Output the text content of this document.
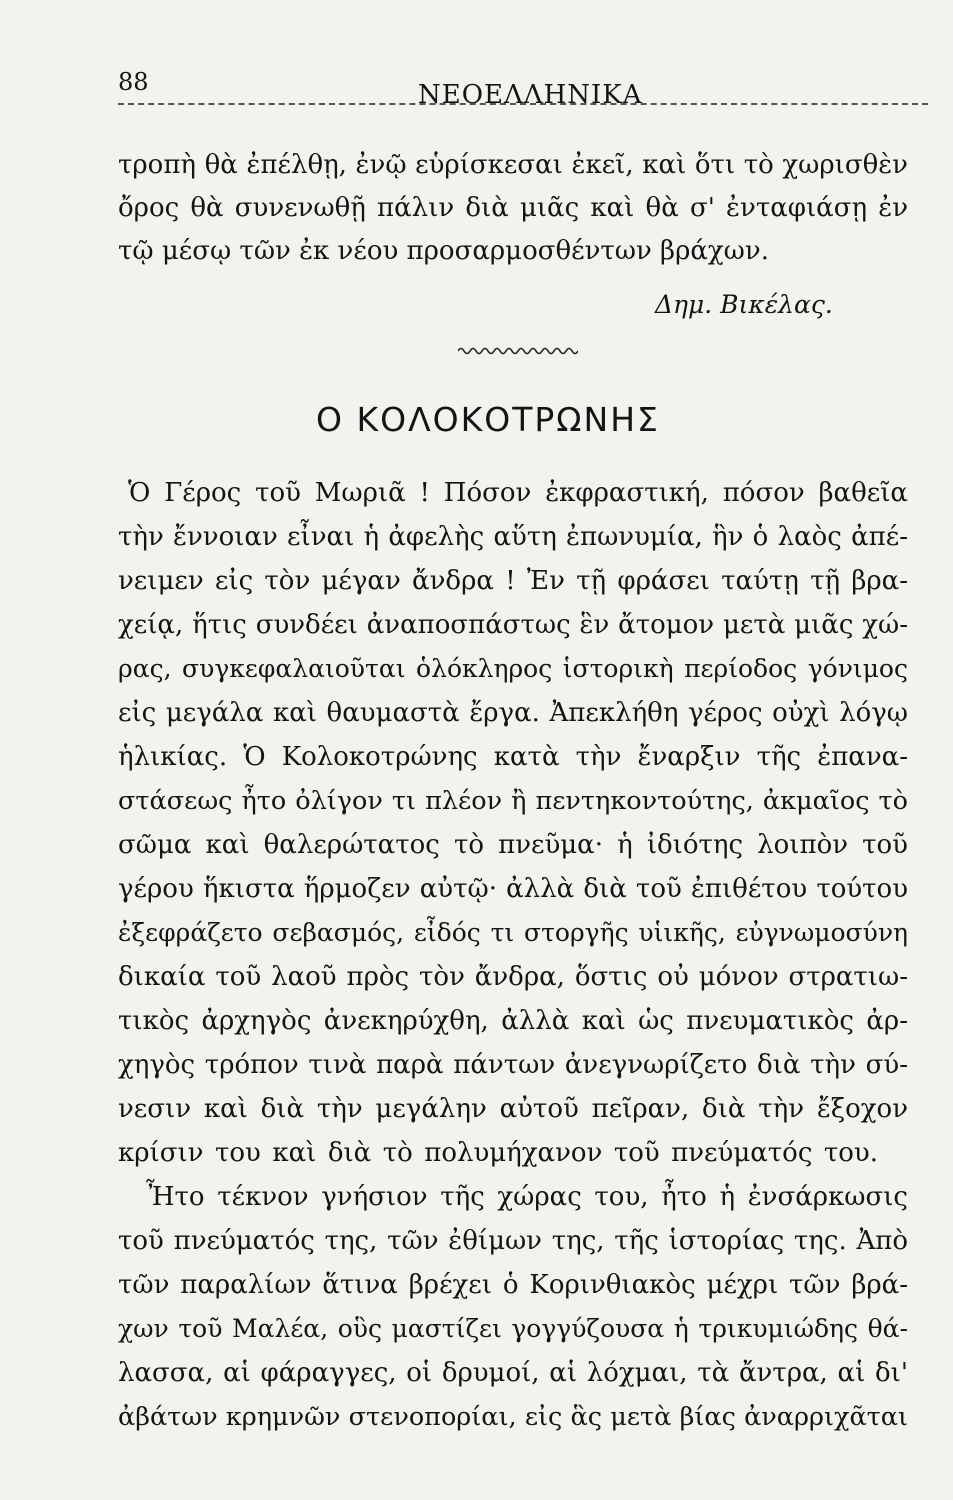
88	ΝΕΟΕΛΛΗΝΙΚΑ
τροπὴ θὰ ἐπέλθῃ, ἐνῷ εὑρίσκεσαι ἐκεῖ, καὶ ὅτι τὸ χωρισθὲν
ὄρος θὰ συνενωθῇ πάλιν διὰ μιᾶς καὶ θὰ σ' ἐνταφιάσῃ ἐν
τῷ μέσῳ τῶν ἐκ νέου προσαρμοσθέντων βράχων.
Δημ. Βικέλας.
Ο ΚΟΛΟΚΟΤΡΩΝΗΣ
Ὁ Γέρος τοῦ Μωριᾶ ! Πόσον ἐκφραστική, πόσον βαθεῖα
τὴν ἔννοιαν εἶναι ἡ ἀφελὴς αὕτη ἐπωνυμία, ἣν ὁ λαὸς ἀπέ-
νειμεν εἰς τὸν μέγαν ἄνδρα ! Ἐν τῇ φράσει ταύτῃ τῇ βρα-
χείᾳ, ἥτις συνδέει ἀναποσπάστως ἓν ἄτομον μετὰ μιᾶς χώ-
ρας, συγκεφαλαιοῦται ὁλόκληρος ἱστορικὴ περίοδος γόνιμος
εἰς μεγάλα καὶ θαυμαστὰ ἔργα. Ἀπεκλήθη γέρος οὐχὶ λόγῳ
ἡλικίας. Ὁ Κολοκοτρώνης κατὰ τὴν ἔναρξιν τῆς ἐπανα-
στάσεως ἦτο ὀλίγον τι πλέον ἢ πεντηκοντούτης, ἀκμαῖος τὸ
σῶμα καὶ θαλερώτατος τὸ πνεῦμα· ἡ ἰδιότης λοιπὸν τοῦ
γέρου ἥκιστα ἥρμοζεν αὐτῷ· ἀλλὰ διὰ τοῦ ἐπιθέτου τούτου
ἐξεφράζετο σεβασμός, εἶδός τι στοργῆς υἱικῆς, εὐγνωμοσύνη
δικαία τοῦ λαοῦ πρὸς τὸν ἄνδρα, ὅστις οὐ μόνον στρατιω-
τικὸς ἀρχηγὸς ἀνεκηρύχθη, ἀλλὰ καὶ ὡς πνευματικὸς ἀρ-
χηγὸς τρόπον τινὰ παρὰ πάντων ἀνεγνωρίζετο διὰ τὴν σύ-
νεσιν καὶ διὰ τὴν μεγάλην αὐτοῦ πεῖραν, διὰ τὴν ἔξοχον
κρίσιν του καὶ διὰ τὸ πολυμήχανον τοῦ πνεύματός του.
Ἦτο τέκνον γνήσιον τῆς χώρας του, ἦτο ἡ ἐνσάρκωσις
τοῦ πνεύματός της, τῶν ἐθίμων της, τῆς ἱστορίας της. Ἀπὸ
τῶν παραλίων ἅτινα βρέχει ὁ Κορινθιακὸς μέχρι τῶν βρά-
χων τοῦ Μαλέα, οὓς μαστίζει γογγύζουσα ἡ τρικυμιώδης θά-
λασσα, αἱ φάραγγες, οἱ δρυμοί, αἱ λόχμαι, τὰ ἄντρα, αἱ δι'
ἀβάτων κρημνῶν στενοπορίαι, εἰς ἃς μετὰ βίας ἀναρριχᾶται
